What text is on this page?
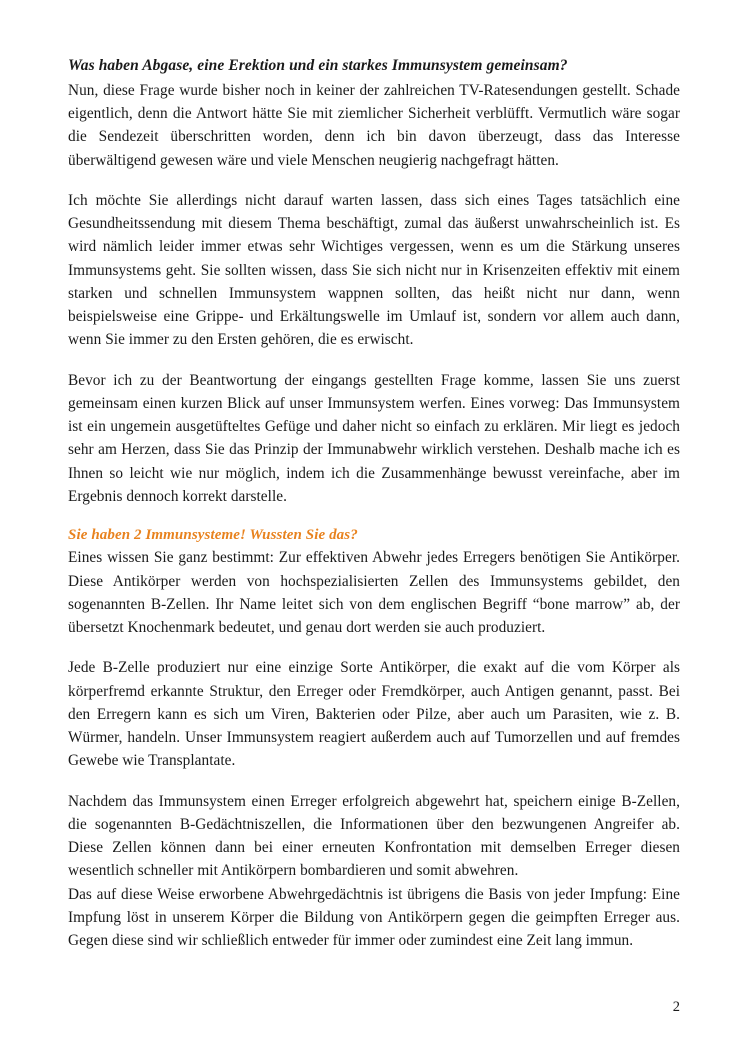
Was haben Abgase, eine Erektion und ein starkes Immunsystem gemeinsam?

Nun, diese Frage wurde bisher noch in keiner der zahlreichen TV-Ratesendungen gestellt. Schade eigentlich, denn die Antwort hätte Sie mit ziemlicher Sicherheit verblüfft. Vermutlich wäre sogar die Sendezeit überschritten worden, denn ich bin davon überzeugt, dass das Interesse überwältigend gewesen wäre und viele Menschen neugierig nachgefragt hätten.

Ich möchte Sie allerdings nicht darauf warten lassen, dass sich eines Tages tatsächlich eine Gesundheitssendung mit diesem Thema beschäftigt, zumal das äußerst unwahrscheinlich ist. Es wird nämlich leider immer etwas sehr Wichtiges vergessen, wenn es um die Stärkung unseres Immunsystems geht. Sie sollten wissen, dass Sie sich nicht nur in Krisenzeiten effektiv mit einem starken und schnellen Immunsystem wappnen sollten, das heißt nicht nur dann, wenn beispielsweise eine Grippe- und Erkältungswelle im Umlauf ist, sondern vor allem auch dann, wenn Sie immer zu den Ersten gehören, die es erwischt.

Bevor ich zu der Beantwortung der eingangs gestellten Frage komme, lassen Sie uns zuerst gemeinsam einen kurzen Blick auf unser Immunsystem werfen. Eines vorweg: Das Immunsystem ist ein ungemein ausgetüfteltes Gefüge und daher nicht so einfach zu erklären. Mir liegt es jedoch sehr am Herzen, dass Sie das Prinzip der Immunabwehr wirklich verstehen. Deshalb mache ich es Ihnen so leicht wie nur möglich, indem ich die Zusammenhänge bewusst vereinfache, aber im Ergebnis dennoch korrekt darstelle.

Sie haben 2 Immunsysteme! Wussten Sie das?

Eines wissen Sie ganz bestimmt: Zur effektiven Abwehr jedes Erregers benötigen Sie Antikörper. Diese Antikörper werden von hochspezialisierten Zellen des Immunsystems gebildet, den sogenannten B-Zellen. Ihr Name leitet sich von dem englischen Begriff “bone marrow” ab, der übersetzt Knochenmark bedeutet, und genau dort werden sie auch produziert.

Jede B-Zelle produziert nur eine einzige Sorte Antikörper, die exakt auf die vom Körper als körperfremd erkannte Struktur, den Erreger oder Fremdkörper, auch Antigen genannt, passt. Bei den Erregern kann es sich um Viren, Bakterien oder Pilze, aber auch um Parasiten, wie z. B. Würmer, handeln. Unser Immunsystem reagiert außerdem auch auf Tumorzellen und auf fremdes Gewebe wie Transplantate.

Nachdem das Immunsystem einen Erreger erfolgreich abgewehrt hat, speichern einige B-Zellen, die sogenannten B-Gedächtniszellen, die Informationen über den bezwungenen Angreifer ab. Diese Zellen können dann bei einer erneuten Konfrontation mit demselben Erreger diesen wesentlich schneller mit Antikörpern bombardieren und somit abwehren.

Das auf diese Weise erworbene Abwehrgedächtnis ist übrigens die Basis von jeder Impfung: Eine Impfung löst in unserem Körper die Bildung von Antikörpern gegen die geimpften Erreger aus. Gegen diese sind wir schließlich entweder für immer oder zumindest eine Zeit lang immun.

2
